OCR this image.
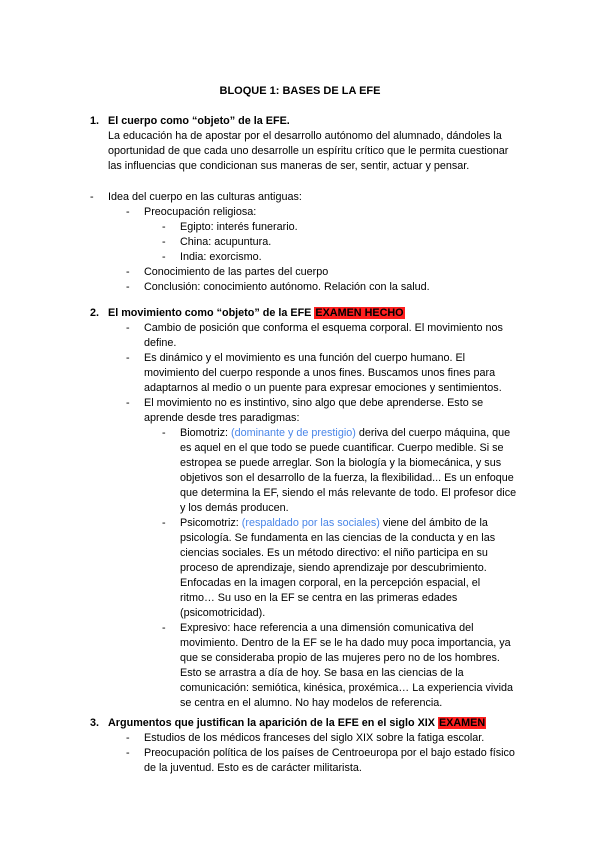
BLOQUE 1: BASES DE LA EFE
1. El cuerpo como “objeto” de la EFE.
La educación ha de apostar por el desarrollo autónomo del alumnado, dándoles la
oportunidad de que cada uno desarrolle un espíritu crítico que le permita cuestionar
las influencias que condicionan sus maneras de ser, sentir, actuar y pensar.
- Idea del cuerpo en las culturas antiguas:
- Preocupación religiosa:
- Egipto: interés funerario.
- China: acupuntura.
- India: exorcismo.
- Conocimiento de las partes del cuerpo
- Conclusión: conocimiento autónomo. Relación con la salud.
2. El movimiento como “objeto” de la EFE EXAMEN HECHO
- Cambio de posición que conforma el esquema corporal. El movimiento nos
define.
- Es dinámico y el movimiento es una función del cuerpo humano. El
movimiento del cuerpo responde a unos fines. Buscamos unos fines para
adaptarnos al medio o un puente para expresar emociones y sentimientos.
- El movimiento no es instintivo, sino algo que debe aprenderse. Esto se
aprende desde tres paradigmas:
- Biomotriz: (dominante y de prestigio) deriva del cuerpo máquina, que
es aquel en el que todo se puede cuantificar. Cuerpo medible. Si se
estropea se puede arreglar. Son la biología y la biomecánica, y sus
objetivos son el desarrollo de la fuerza, la flexibilidad... Es un enfoque
que determina la EF, siendo el más relevante de todo. El profesor dice
y los demás producen.
- Psicomotriz: (respaldado por las sociales) viene del ámbito de la
psicología. Se fundamenta en las ciencias de la conducta y en las
ciencias sociales. Es un método directivo: el niño participa en su
proceso de aprendizaje, siendo aprendizaje por descubrimiento.
Enfocadas en la imagen corporal, en la percepción espacial, el
ritmo… Su uso en la EF se centra en las primeras edades
(psicomotricidad).
- Expresivo: hace referencia a una dimensión comunicativa del
movimiento. Dentro de la EF se le ha dado muy poca importancia, ya
que se consideraba propio de las mujeres pero no de los hombres.
Esto se arrastra a día de hoy. Se basa en las ciencias de la
comunicación: semiótica, kinésica, proxémica… La experiencia vivida
se centra en el alumno. No hay modelos de referencia.
3. Argumentos que justifican la aparición de la EFE en el siglo XIX EXAMEN
- Estudios de los médicos franceses del siglo XIX sobre la fatiga escolar.
- Preocupación política de los países de Centroeuropa por el bajo estado físico
de la juventud. Esto es de carácter militarista.
